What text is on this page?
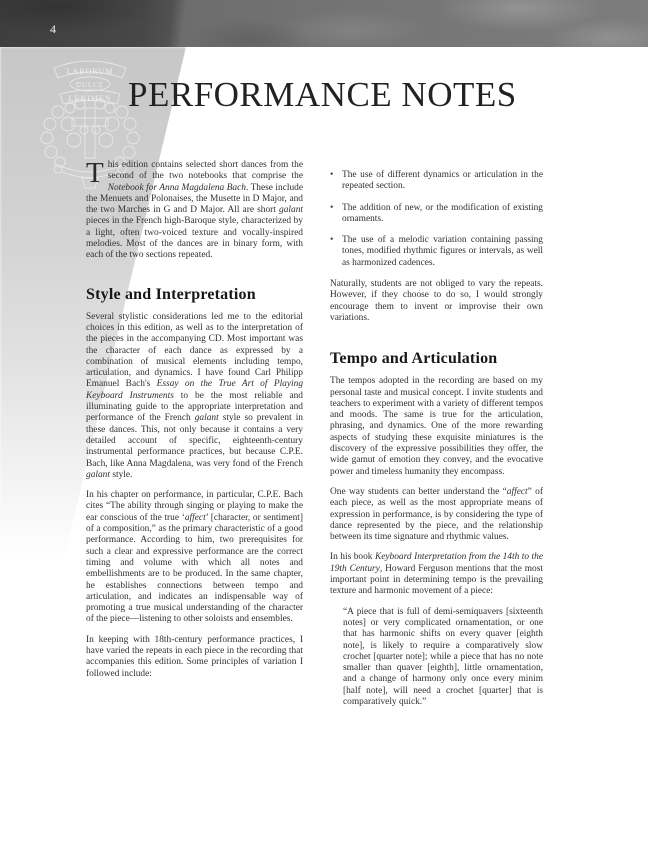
4
LABORUM
DULCE
LENIMEN PERFORMANCE NOTES

This edition contains selected short dances from the second of the two notebooks that comprise the Notebook for Anna Magdalena Bach. These include the Menuets and Polonaises, the Musette in D Major, and the two Marches in G and D Major. All are short galant pieces in the French high-Baroque style, characterized by a light, often two-voiced texture and vocally-inspired melodies. Most of the dances are in binary form, with each of the two sections repeated.

Style and Interpretation

Several stylistic considerations led me to the editorial choices in this edition, as well as to the interpretation of the pieces in the accompanying CD. Most important was the character of each dance as expressed by a combination of musical elements including tempo, articulation, and dynamics. I have found Carl Philipp Emanuel Bach's Essay on the True Art of Playing Keyboard Instruments to be the most reliable and illuminating guide to the appropriate interpretation and performance of the French galant style so prevalent in these dances. This, not only because it contains a very detailed account of specific, eighteenth-century instrumental performance practices, but because C.P.E. Bach, like Anna Magdalena, was very fond of the French galant style.

In his chapter on performance, in particular, C.P.E. Bach cites “The ability through singing or playing to make the ear conscious of the true ‘affect’ [character, or sentiment] of a composition,” as the primary characteristic of a good performance. According to him, two prerequisites for such a clear and expressive performance are the correct timing and volume with which all notes and embellishments are to be produced. In the same chapter, he establishes connections between tempo and articulation, and indicates an indispensable way of promoting a true musical understanding of the character of the piece—listening to other soloists and ensembles.

In keeping with 18th-century performance practices, I have varied the repeats in each piece in the recording that accompanies this edition. Some principles of variation I followed include:

• The use of different dynamics or articulation in the repeated section.
• The addition of new, or the modification of existing ornaments.
• The use of a melodic variation containing passing tones, modified rhythmic figures or intervals, as well as harmonized cadences.

Naturally, students are not obliged to vary the repeats. However, if they choose to do so, I would strongly encourage them to invent or improvise their own variations.

Tempo and Articulation

The tempos adopted in the recording are based on my personal taste and musical concept. I invite students and teachers to experiment with a variety of different tempos and moods. The same is true for the articulation, phrasing, and dynamics. One of the more rewarding aspects of studying these exquisite miniatures is the discovery of the expressive possibilities they offer, the wide gamut of emotion they convey, and the evocative power and timeless humanity they encompass.

One way students can better understand the “affect” of each piece, as well as the most appropriate means of expression in performance, is by considering the type of dance represented by the piece, and the relationship between its time signature and rhythmic values.

In his book Keyboard Interpretation from the 14th to the 19th Century, Howard Ferguson mentions that the most important point in determining tempo is the prevailing texture and harmonic movement of a piece:

“A piece that is full of demi-semiquavers [sixteenth notes] or very complicated ornamentation, or one that has harmonic shifts on every quaver [eighth note], is likely to require a comparatively slow crochet [quarter note]; while a piece that has no note smaller than quaver [eighth], little ornamentation, and a change of harmony only once every minim [half note], will need a crochet [quarter] that is comparatively quick.”
